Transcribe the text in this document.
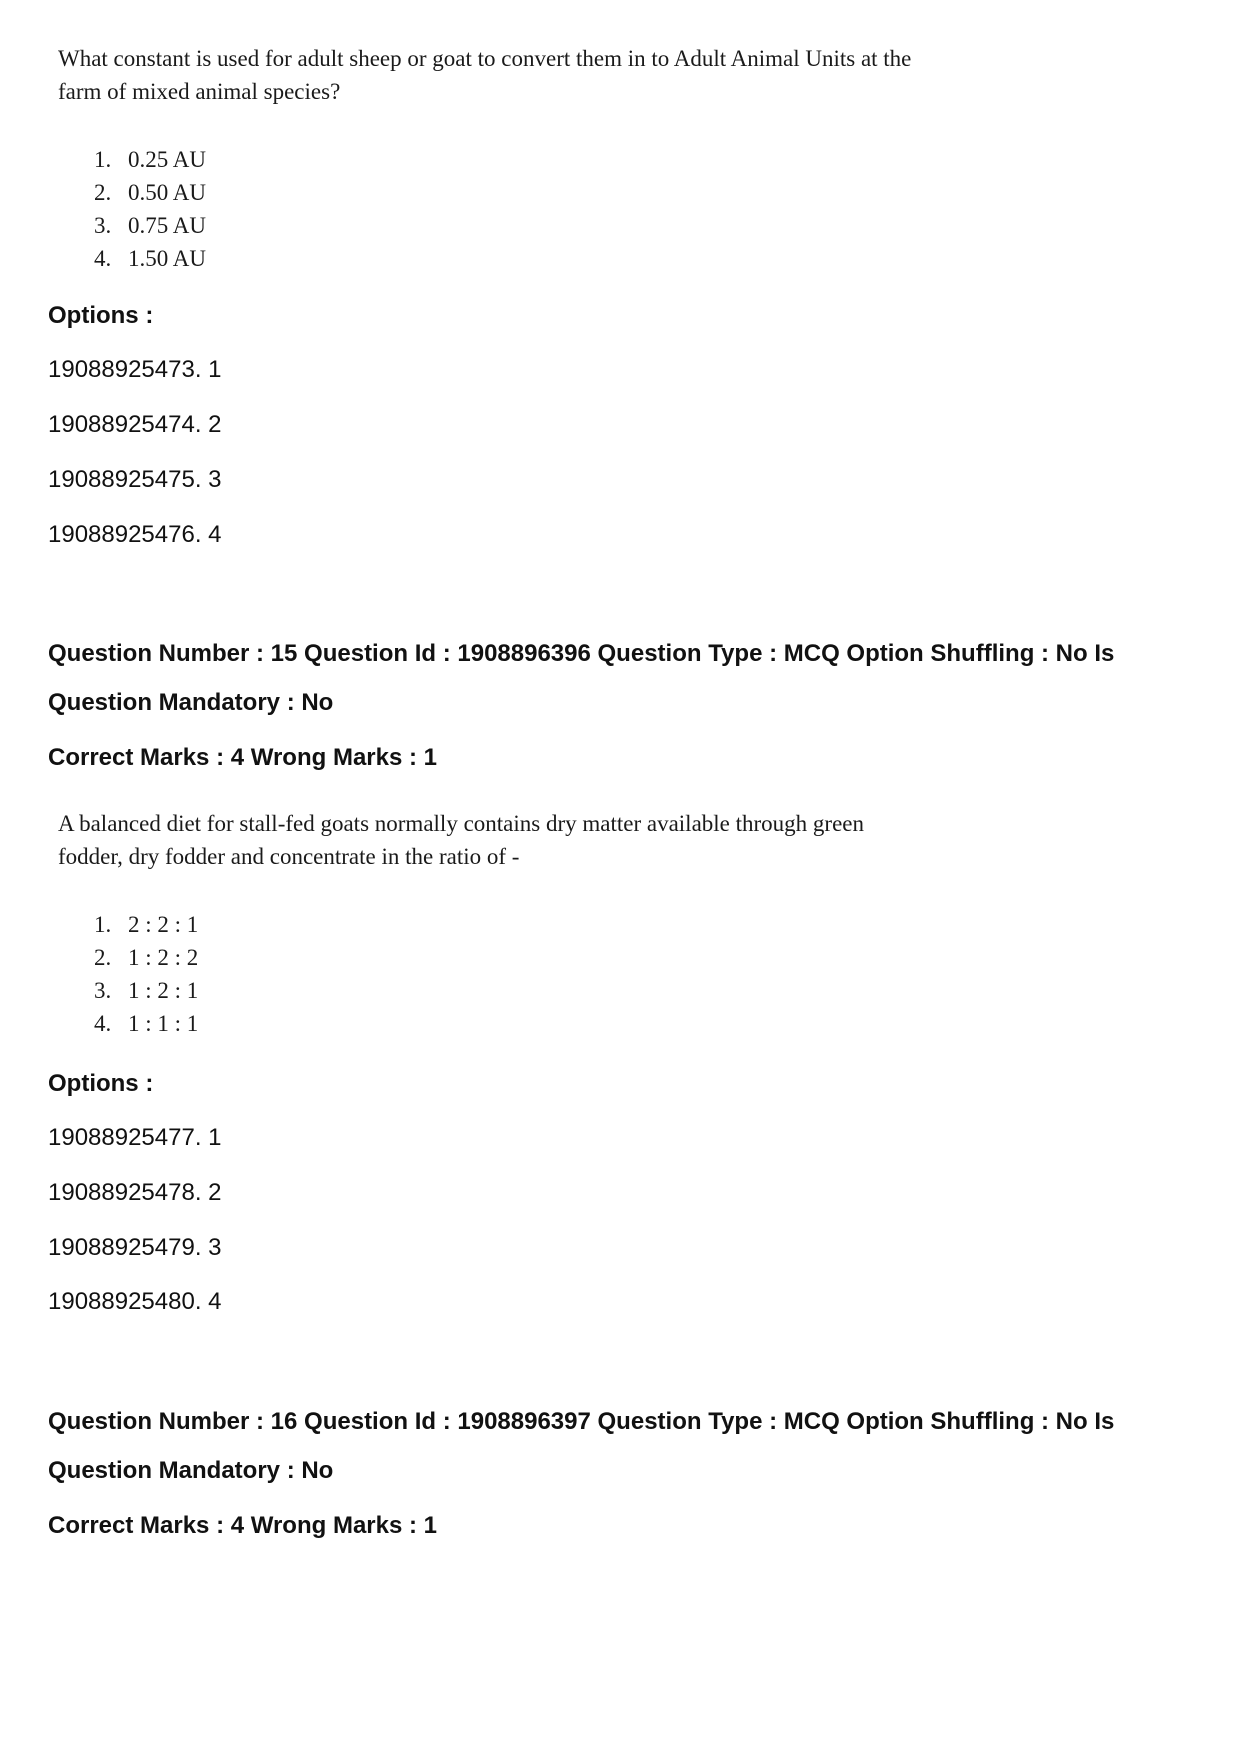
What constant is used for adult sheep or goat to convert them in to Adult Animal Units at the
farm of mixed animal species?
1. 0.25 AU
2. 0.50 AU
3. 0.75 AU
4. 1.50 AU
Options :
19088925473. 1
19088925474. 2
19088925475. 3
19088925476. 4
Question Number : 15 Question Id : 1908896396 Question Type : MCQ Option Shuffling : No Is
Question Mandatory : No
Correct Marks : 4 Wrong Marks : 1
A balanced diet for stall-fed goats normally contains dry matter available through green
fodder, dry fodder and concentrate in the ratio of -
1. 2 : 2 : 1
2. 1 : 2 : 2
3. 1 : 2 : 1
4. 1 : 1 : 1
Options :
19088925477. 1
19088925478. 2
19088925479. 3
19088925480. 4
Question Number : 16 Question Id : 1908896397 Question Type : MCQ Option Shuffling : No Is
Question Mandatory : No
Correct Marks : 4 Wrong Marks : 1
